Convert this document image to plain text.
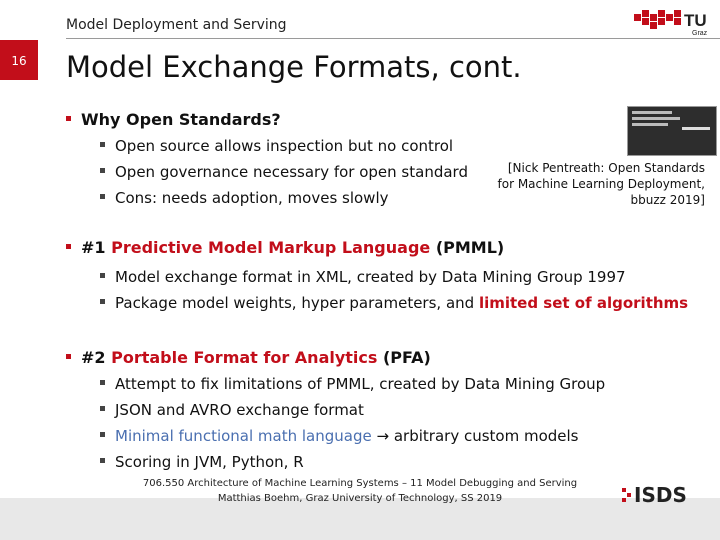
Model Deployment and Serving	TU
Graz
16	Model Exchange Formats, cont.
Why Open Standards?
Open source allows inspection but no control
Open governance necessary for open standard
Cons: needs adoption, moves slowly
[Nick Pentreath: Open Standards
for Machine Learning Deployment,
bbuzz 2019]
#1 Predictive Model Markup Language (PMML)
Model exchange format in XML, created by Data Mining Group 1997
Package model weights, hyper parameters, and limited set of algorithms
#2 Portable Format for Analytics (PFA)
Attempt to fix limitations of PMML, created by Data Mining Group
JSON and AVRO exchange format
Minimal functional math language → arbitrary custom models
Scoring in JVM, Python, R
706.550 Architecture of Machine Learning Systems – 11 Model Debugging and Serving
Matthias Boehm, Graz University of Technology, SS 2019	ISDS
